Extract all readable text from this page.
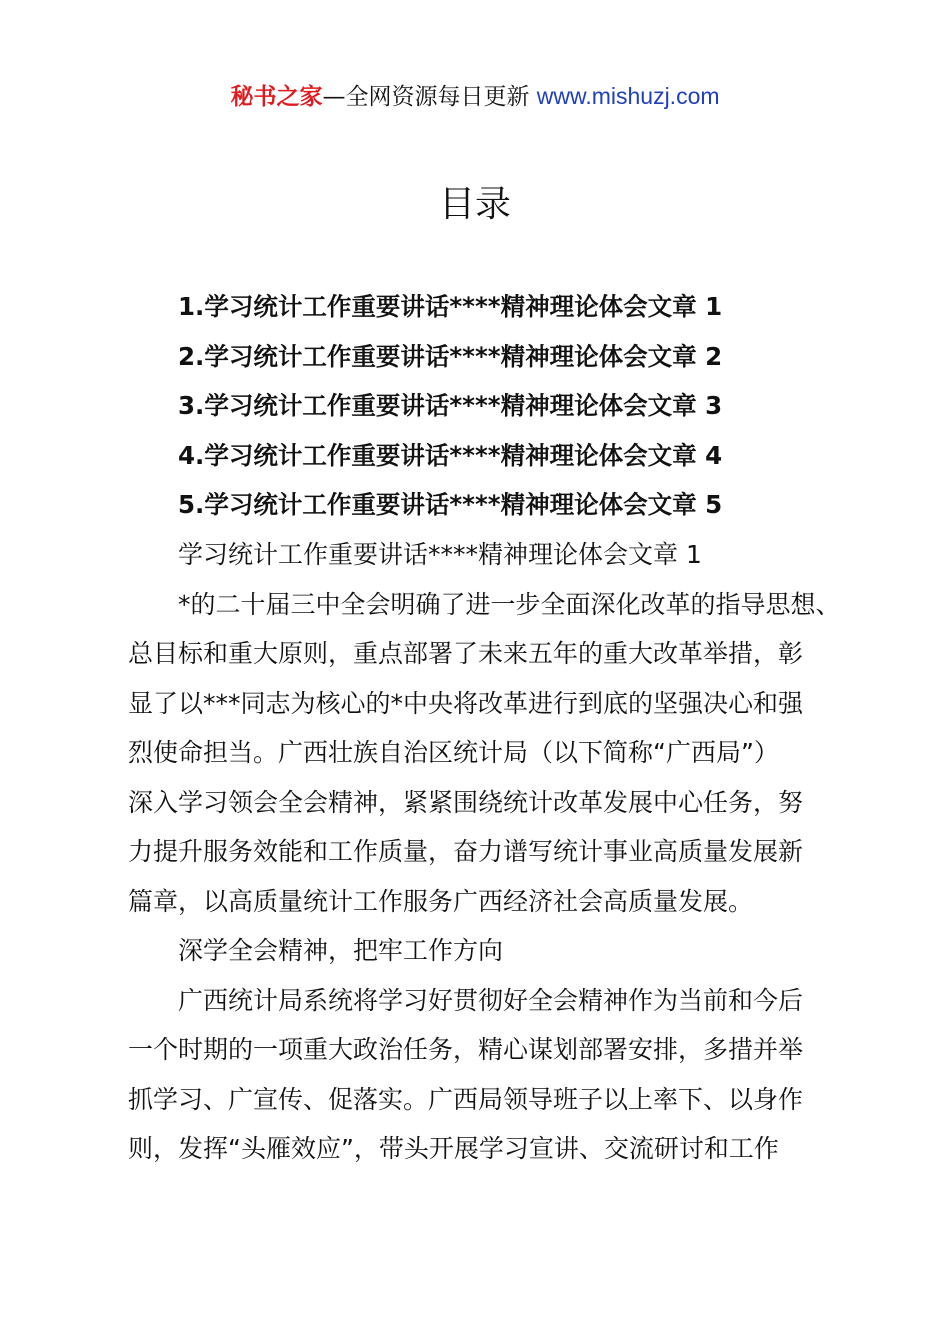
秘书之家—全网资源每日更新 www.mishuzj.com
目录
1.学习统计工作重要讲话****精神理论体会文章 1
2.学习统计工作重要讲话****精神理论体会文章 2
3.学习统计工作重要讲话****精神理论体会文章 3
4.学习统计工作重要讲话****精神理论体会文章 4
5.学习统计工作重要讲话****精神理论体会文章 5

学习统计工作重要讲话****精神理论体会文章 1

*的二十届三中全会明确了进一步全面深化改革的指导思想、

总目标和重大原则，重点部署了未来五年的重大改革举措，彰

显了以***同志为核心的*中央将改革进行到底的坚强决心和强

烈使命担当。广西壮族自治区统计局（以下简称“广西局”）

深入学习领会全会精神，紧紧围绕统计改革发展中心任务，努

力提升服务效能和工作质量，奋力谱写统计事业高质量发展新

篇章，以高质量统计工作服务广西经济社会高质量发展。

深学全会精神，把牢工作方向

广西统计局系统将学习好贯彻好全会精神作为当前和今后

一个时期的一项重大政治任务，精心谋划部署安排，多措并举

抓学习、广宣传、促落实。广西局领导班子以上率下、以身作

则，发挥“头雁效应”，带头开展学习宣讲、交流研讨和工作
